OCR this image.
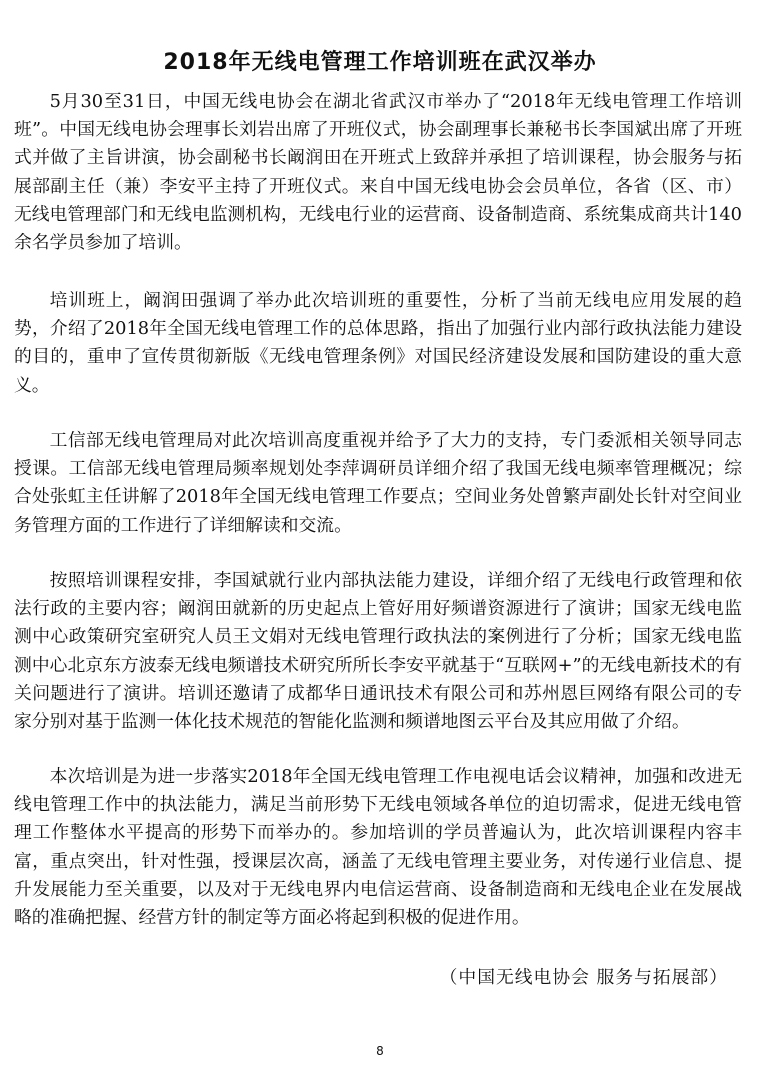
2018年无线电管理工作培训班在武汉举办

5月30至31日，中国无线电协会在湖北省武汉市举办了“2018年无线电管理工作培训班”。中国无线电协会理事长刘岩出席了开班仪式，协会副理事长兼秘书长李国斌出席了开班式并做了主旨讲演，协会副秘书长阚润田在开班式上致辞并承担了培训课程，协会服务与拓展部副主任（兼）李安平主持了开班仪式。来自中国无线电协会会员单位，各省（区、市）无线电管理部门和无线电监测机构，无线电行业的运营商、设备制造商、系统集成商共计140余名学员参加了培训。

培训班上，阚润田强调了举办此次培训班的重要性，分析了当前无线电应用发展的趋势，介绍了2018年全国无线电管理工作的总体思路，指出了加强行业内部行政执法能力建设的目的，重申了宣传贯彻新版《无线电管理条例》对国民经济建设发展和国防建设的重大意义。

工信部无线电管理局对此次培训高度重视并给予了大力的支持，专门委派相关领导同志授课。工信部无线电管理局频率规划处李萍调研员详细介绍了我国无线电频率管理概况；综合处张虹主任讲解了2018年全国无线电管理工作要点；空间业务处曾繁声副处长针对空间业务管理方面的工作进行了详细解读和交流。

按照培训课程安排，李国斌就行业内部执法能力建设，详细介绍了无线电行政管理和依法行政的主要内容；阚润田就新的历史起点上管好用好频谱资源进行了演讲；国家无线电监测中心政策研究室研究人员王文娟对无线电管理行政执法的案例进行了分析；国家无线电监测中心北京东方波泰无线电频谱技术研究所所长李安平就基于“互联网+”的无线电新技术的有关问题进行了演讲。培训还邀请了成都华日通讯技术有限公司和苏州恩巨网络有限公司的专家分别对基于监测一体化技术规范的智能化监测和频谱地图云平台及其应用做了介绍。

本次培训是为进一步落实2018年全国无线电管理工作电视电话会议精神，加强和改进无线电管理工作中的执法能力，满足当前形势下无线电领域各单位的迫切需求，促进无线电管理工作整体水平提高的形势下而举办的。参加培训的学员普遍认为，此次培训课程内容丰富，重点突出，针对性强，授课层次高，涵盖了无线电管理主要业务，对传递行业信息、提升发展能力至关重要，以及对于无线电界内电信运营商、设备制造商和无线电企业在发展战略的准确把握、经营方针的制定等方面必将起到积极的促进作用。

（中国无线电协会 服务与拓展部）
8
